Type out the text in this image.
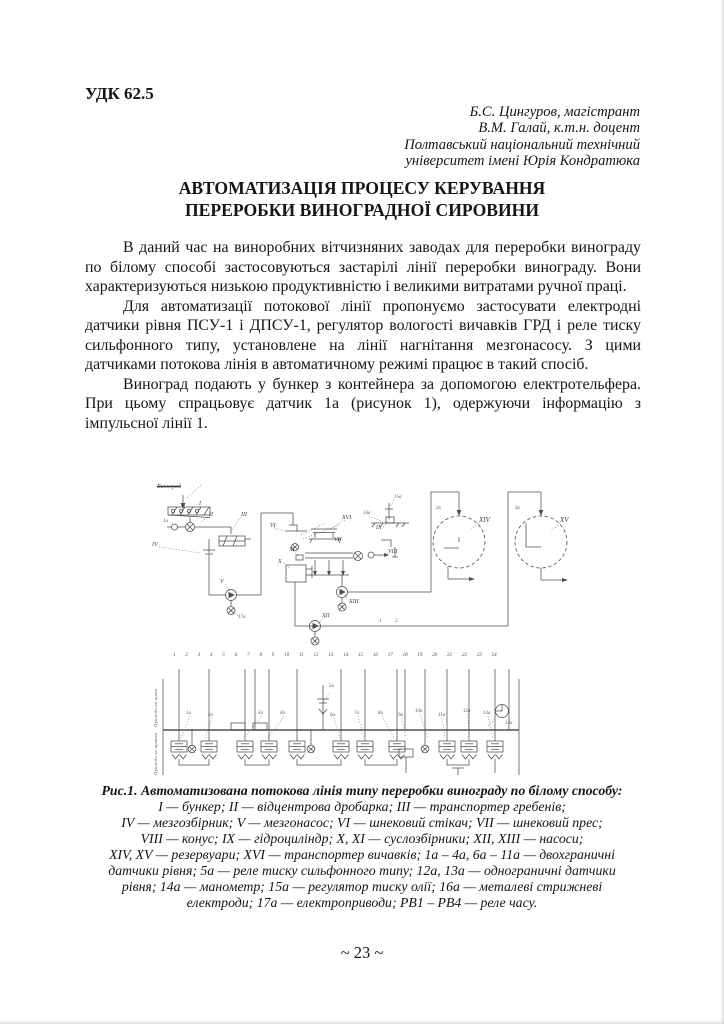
УДК 62.5
Б.С. Цингуров, магістрант
В.М. Галай, к.т.н. доцент
Полтавський національний технічний
університет імені Юрія Кондратюка
АВТОМАТИЗАЦІЯ ПРОЦЕСУ КЕРУВАННЯ
ПЕРЕРОБКИ ВИНОГРАДНОЇ СИРОВИНИ

В даний час на виноробних вітчизняних заводах для переробки винограду по білому способі застосовуються застарілі лінії переробки винограду. Вони характеризуються низькою продуктивністю і великими витратами ручної праці.

Для автоматизації потокової лінії пропонуємо застосувати електродні датчики рівня ПСУ-1 і ДПСУ-1, регулятор вологості вичавків ГРД і реле тиску сильфонного типу, установлене на лінії нагнітання мезгонасосу. З цими датчиками потокова лінія в автоматичному режимі працює в такий спосіб.

Виноград подають у бункер з контейнера за допомогою електротельфера. При цьому спрацьовує датчик 1а (рисунок 1), одержуючи інформацію з імпульсної лінії 1.

Виноград
I
II	III
IV
1а
V
17а
VI
XVI
VII
VIII
IX
15а
16а
X
XI
XII
XIII
XIV	XV
2в	3в
1	2
1 2 3 4 5 6 7 8 9 10 11 12 13 14 15 16 17 18 19 20 21 22 23 24
Прилади на щиті
Прилади за щитом
1а	2а	3а	4а
5а
6а	7а	8а	9а
10а
11а
12а	13а
14а
Рис.1. Автоматизована потокова лінія типу переробки винограду по білому способу:
І — бункер; ІІ — відцентрова дробарка; ІІІ — транспортер гребенів;
IV — мезгозбірник; V — мезгонасос; VI — шнековий стікач; VII — шнековий прес;
VIII — конус; IX — гідроциліндр; X, XI — суслозбірники; XII, XIII — насоси;
XIV, XV — резервуари; XVI — транспортер вичавків; 1а – 4а, 6а – 11а — двохграничні
датчики рівня; 5а — реле тиску сильфонного типу; 12а, 13а — однограничні датчики
рівня; 14а — манометр; 15а — регулятор тиску олії; 16а — металеві стрижневі
електроди; 17а — електроприводи; РВ1 – РВ4 — реле часу.
~ 23 ~
